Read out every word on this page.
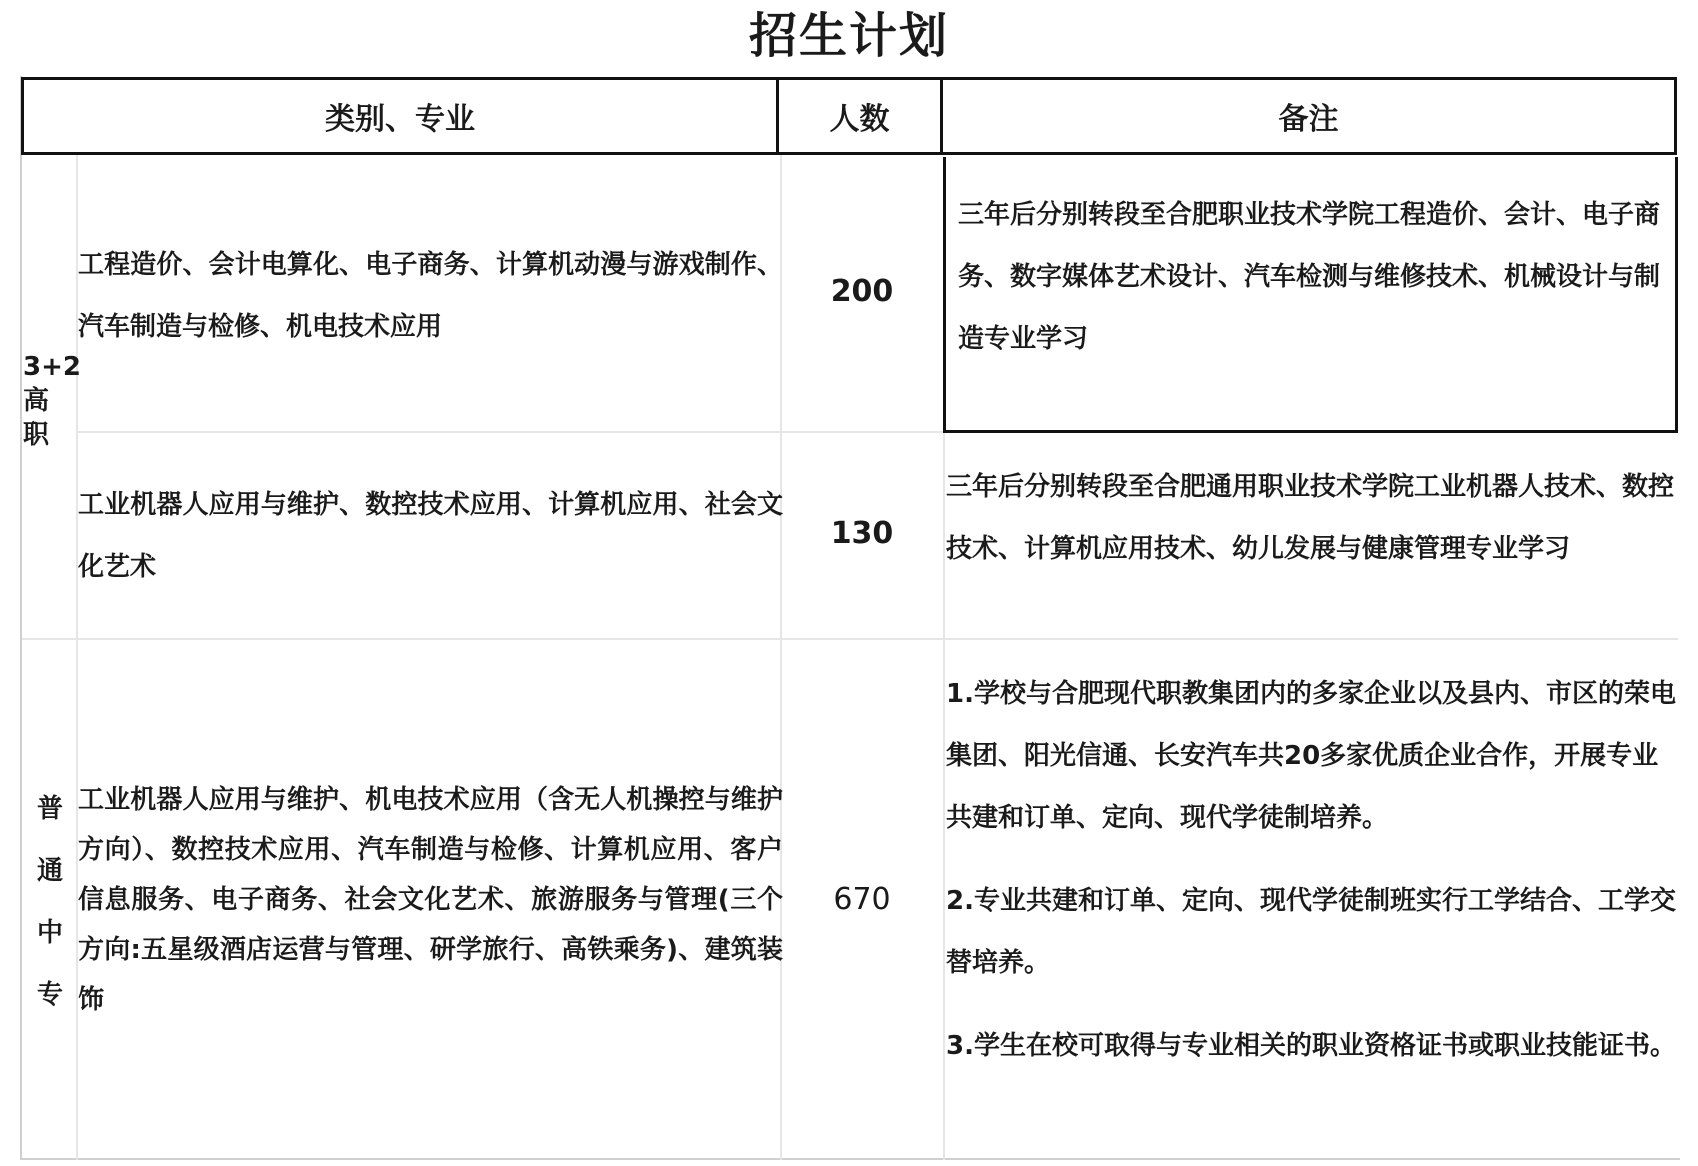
招生计划
类别、专业	人数	备注
3+2
高
职
工程造价、会计电算化、电子商务、计算机动漫与游戏制作、汽车制造与检修、机电技术应用
200
三年后分别转段至合肥职业技术学院工程造价、会计、电子商务、数字媒体艺术设计、汽车检测与维修技术、机械设计与制造专业学习
工业机器人应用与维护、数控技术应用、计算机应用、社会文化艺术
130
三年后分别转段至合肥通用职业技术学院工业机器人技术、数控技术、计算机应用技术、幼儿发展与健康管理专业学习
普
通
中
专
工业机器人应用与维护、机电技术应用（含无人机操控与维护方向）、数控技术应用、汽车制造与检修、计算机应用、客户信息服务、电子商务、社会文化艺术、旅游服务与管理(三个方向:五星级酒店运营与管理、研学旅行、高铁乘务)、建筑装饰
670
1.学校与合肥现代职教集团内的多家企业以及县内、市区的荣电集团、阳光信通、长安汽车共20多家优质企业合作，开展专业共建和订单、定向、现代学徒制培养。
2.专业共建和订单、定向、现代学徒制班实行工学结合、工学交替培养。
3.学生在校可取得与专业相关的职业资格证书或职业技能证书。
